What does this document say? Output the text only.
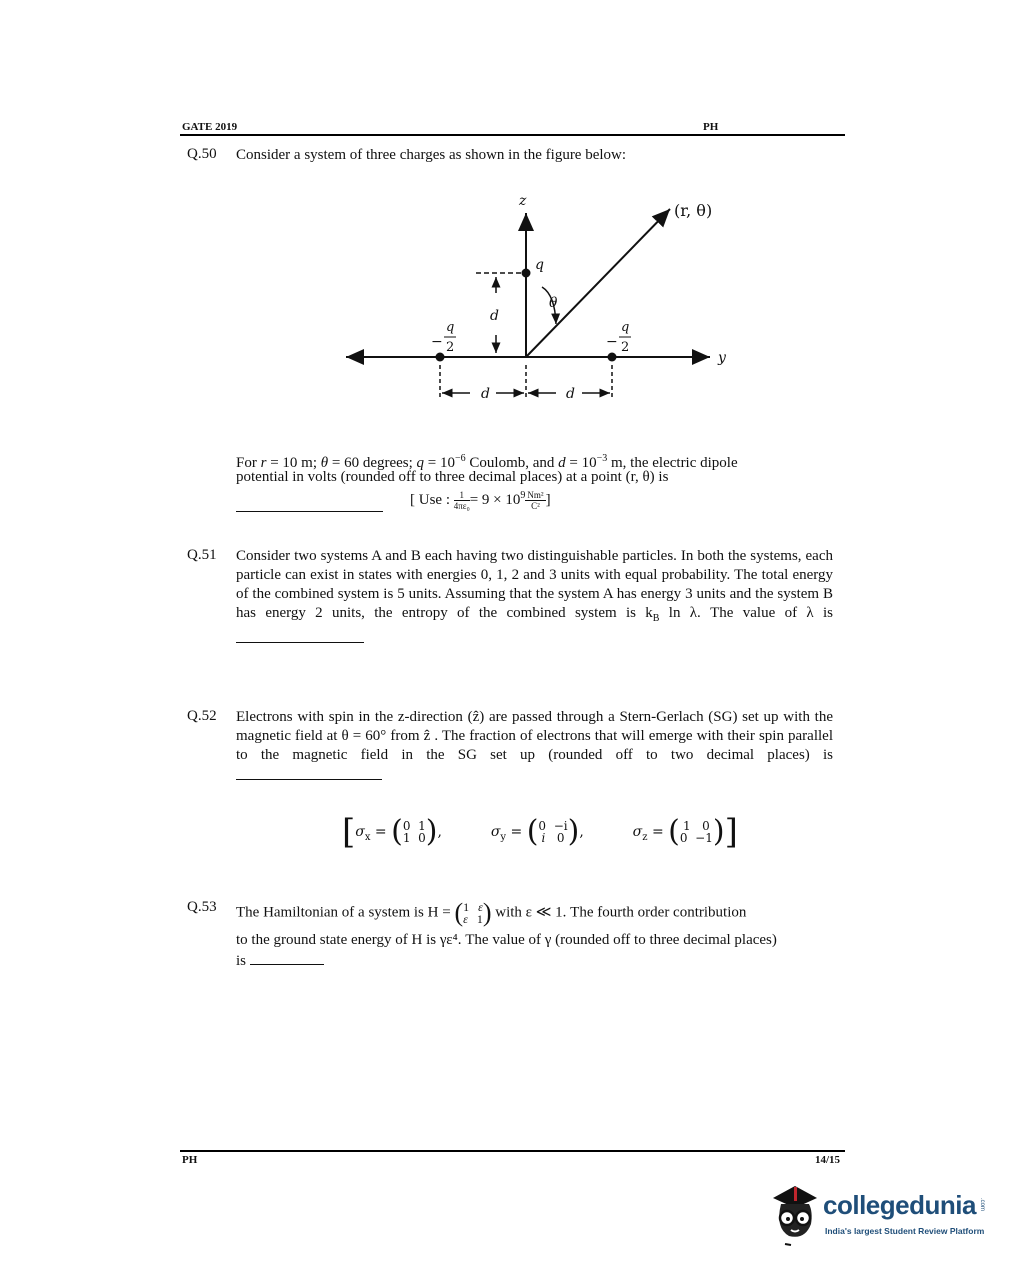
GATE 2019	PH
Q.50 Consider a system of three charges as shown in the figure below:
z	(r, θ)
y
q
θ
d
d	d
−
q
2	−
q
2
For r = 10 m; θ = 60 degrees; $q = 10^{-6}$ Coulomb, and $d = 10^{-3}$ m, the electric dipole
potential in volts (rounded off to three decimal places) at a point (r, θ) is
[ Use : $\frac{1}{\text{4πε₀}} = 9 \times 10^9 \frac{\text{Nm²}}{\text{C²}}$ ]
Q.51 Consider two systems A and B each having two distinguishable particles. In both the systems, each particle can exist in states with energies 0, 1, 2 and 3 units with equal probability. The total energy of the combined system is 5 units. Assuming that the system A has energy 3 units and the system B has energy 2 units, the entropy of the combined system is $k_B$ ln λ. The value of λ is
Q.52 Electrons with spin in the z-direction (ẑ) are passed through a Stern-Gerlach (SG) set up with the magnetic field at θ = 60° from ẑ . The fraction of electrons that will emerge with their spin parallel to the magnetic field in the SG set up (rounded off to two decimal places) is
[$\sigma_x = (0$ 1
1 0),	$\sigma_y = (0 -i$
i 0 ),	$\sigma_z$ = ( 1 0
0 −1)]
Q.53 The Hamiltonian of a system is H = (1 ε
ε 1) with ε ≪ 1. The fourth order contribution
to the ground state energy of H is γε⁴. The value of γ (rounded off to three decimal places)
is
PH	14/15
collegedunia .com
India's largest Student Review Platform
